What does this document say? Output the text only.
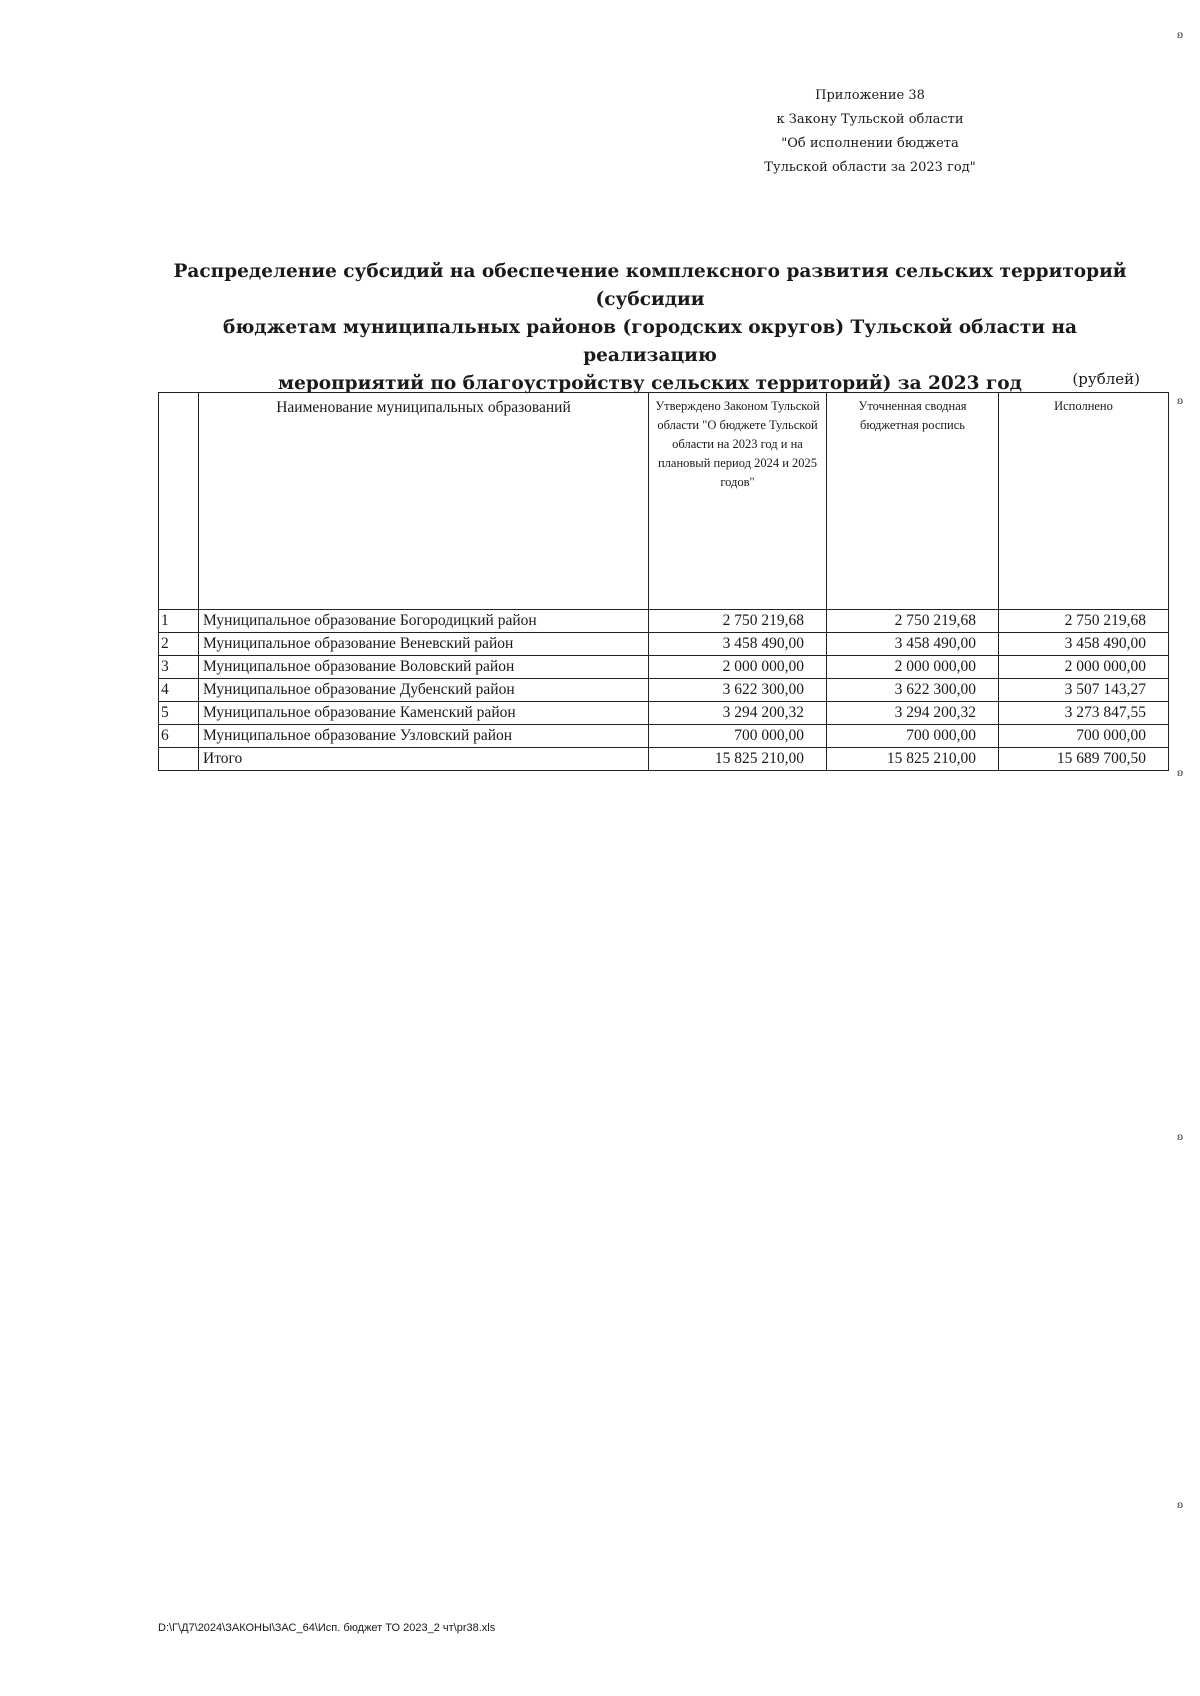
Приложение 38
к Закону Тульской области
"Об исполнении бюджета
Тульской области за 2023 год"
Распределение субсидий на обеспечение комплексного развития сельских территорий (субсидии
бюджетам муниципальных районов (городских округов) Тульской области на реализацию
мероприятий по благоустройству сельских территорий) за 2023 год	(рублей)
	Наименование муниципальных образований	Утверждено Законом Тульской области "О бюджете Тульской области на 2023 год и на плановый период 2024 и 2025 годов"	Уточненная сводная бюджетная роспись	Исполнено
1	Муниципальное образование Богородицкий район	2 750 219,68	2 750 219,68	2 750 219,68
2	Муниципальное образование Веневский район	3 458 490,00	3 458 490,00	3 458 490,00
3	Муниципальное образование Воловский район	2 000 000,00	2 000 000,00	2 000 000,00
4	Муниципальное образование Дубенский район	3 622 300,00	3 622 300,00	3 507 143,27
5	Муниципальное образование Каменский район	3 294 200,32	3 294 200,32	3 273 847,55
6	Муниципальное образование Узловский район	700 000,00	700 000,00	700 000,00
	Итого	15 825 210,00	15 825 210,00	15 689 700,50
ʚ
ʚ
ʚ
ʚ
ʚ
D:\Г\Д7\2024\ЗАКОНЫ\ЗАС_64\Исп. бюджет ТО 2023_2 чт\pr38.xls
